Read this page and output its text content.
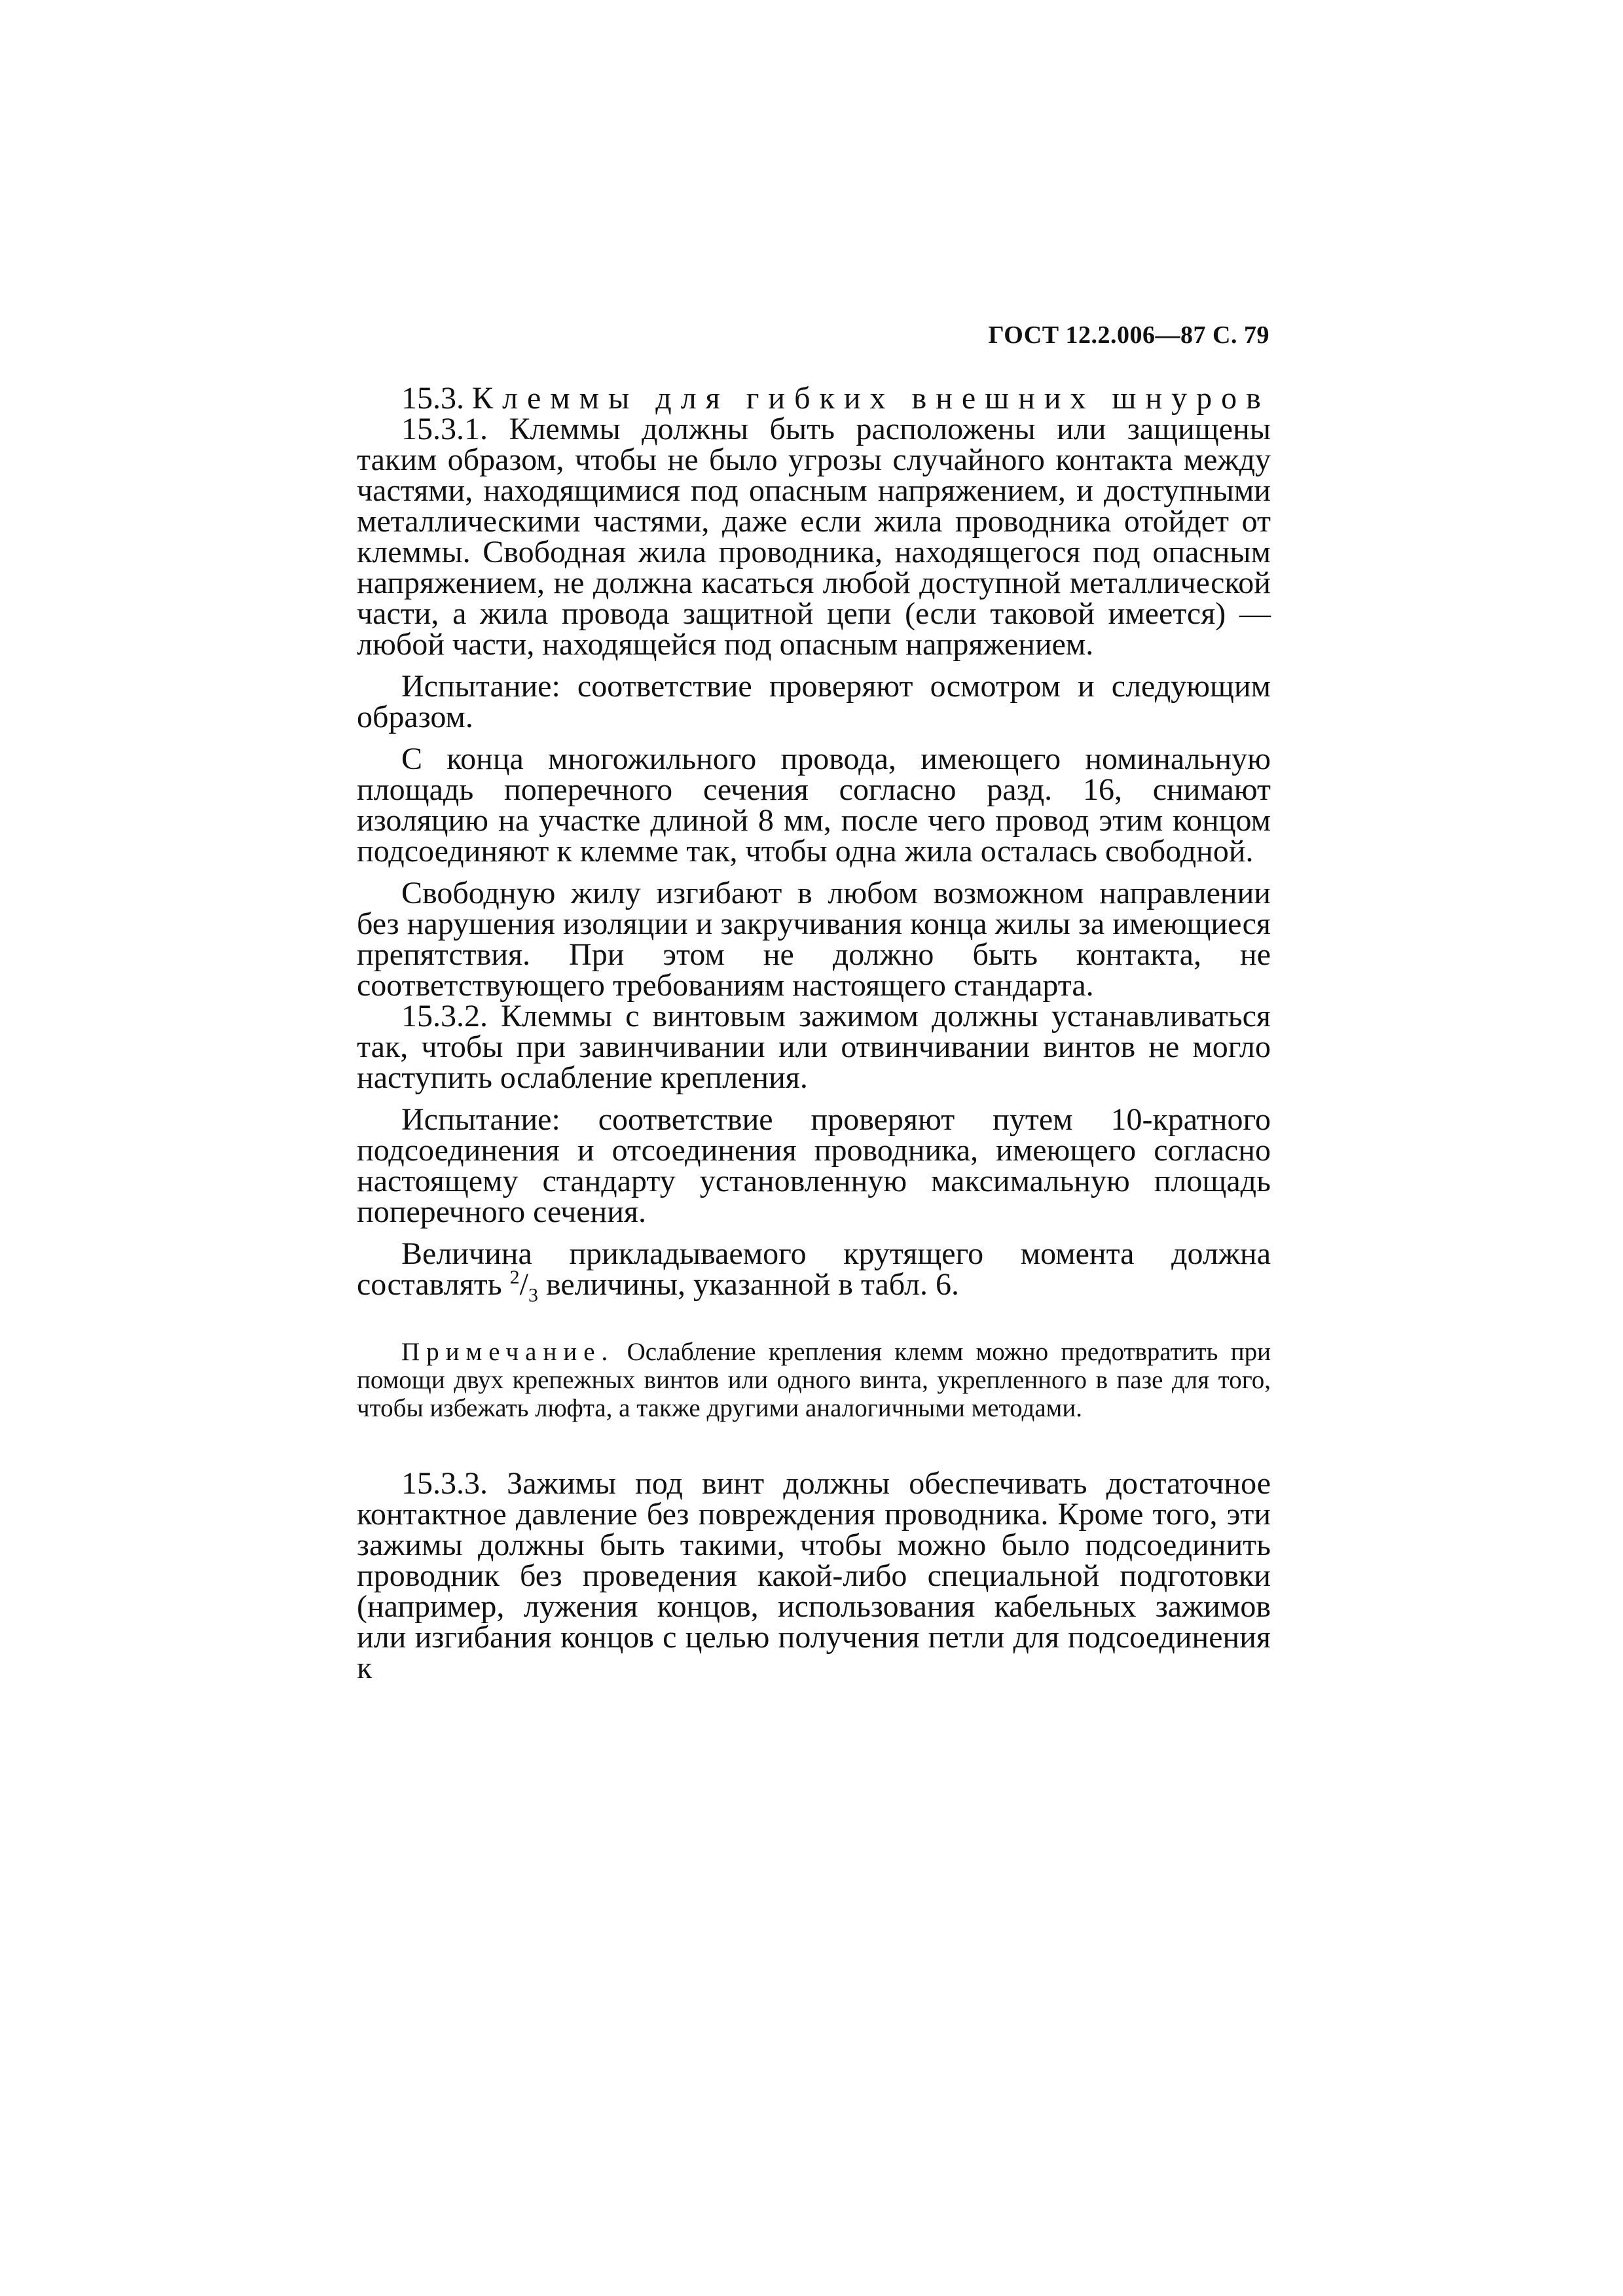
ГОСТ 12.2.006—87 С. 79

15.3. Клеммы для гибких внешних шнуров

15.3.1. Клеммы должны быть расположены или защищены таким образом, чтобы не было угрозы случайного контакта между частями, находящимися под опасным напряжением, и доступными металлическими частями, даже если жила проводника отойдет от клеммы. Свободная жила проводника, находящегося под опасным напряжением, не должна касаться любой доступной металлической части, а жила провода защитной цепи (если таковой имеется) — любой части, находящейся под опасным напряжением.

Испытание: соответствие проверяют осмотром и следующим образом.

С конца многожильного провода, имеющего номинальную площадь поперечного сечения согласно разд. 16, снимают изоляцию на участке длиной 8 мм, после чего провод этим концом подсоединяют к клемме так, чтобы одна жила осталась свободной.

Свободную жилу изгибают в любом возможном направлении без нарушения изоляции и закручивания конца жилы за имеющиеся препятствия. При этом не должно быть контакта, не соответствующего требованиям настоящего стандарта.

15.3.2. Клеммы с винтовым зажимом должны устанавливаться так, чтобы при завинчивании или отвинчивании винтов не могло наступить ослабление крепления.

Испытание: соответствие проверяют путем 10-кратного подсоединения и отсоединения проводника, имеющего согласно настоящему стандарту установленную максимальную площадь поперечного сечения.

Величина прикладываемого крутящего момента должна составлять $^2/_3$ величины, указанной в табл. 6.

Примечание. Ослабление крепления клемм можно предотвратить при помощи двух крепежных винтов или одного винта, укрепленного в пазе для того, чтобы избежать люфта, а также другими аналогичными методами.

15.3.3. Зажимы под винт должны обеспечивать достаточное контактное давление без повреждения проводника. Кроме того, эти зажимы должны быть такими, чтобы можно было подсоединить проводник без проведения какой-либо специальной подготовки (например, лужения концов, использования кабельных зажимов или изгибания концов с целью получения петли для подсоединения к
